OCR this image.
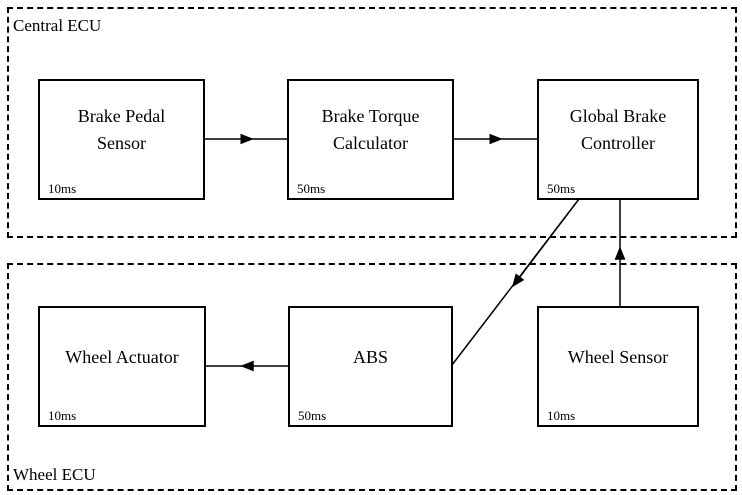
Central ECU
Wheel ECU
Brake Pedal
Sensor
10ms
Brake Torque
Calculator
50ms
Global Brake
Controller
50ms
Wheel Actuator
10ms
ABS
50ms
Wheel Sensor
10ms
